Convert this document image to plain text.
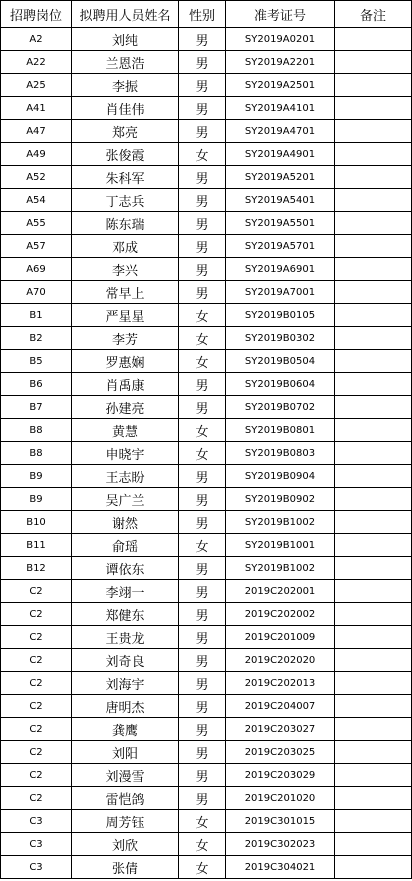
招聘岗位	拟聘用人员姓名	性别	准考证号	备注
A2	刘纯	男	SY2019A0201	
A22	兰恩浩	男	SY2019A2201	
A25	李振	男	SY2019A2501	
A41	肖佳伟	男	SY2019A4101	
A47	郑亮	男	SY2019A4701	
A49	张俊霞	女	SY2019A4901	
A52	朱科军	男	SY2019A5201	
A54	丁志兵	男	SY2019A5401	
A55	陈东瑞	男	SY2019A5501	
A57	邓成	男	SY2019A5701	
A69	李兴	男	SY2019A6901	
A70	常早上	男	SY2019A7001	
B1	严星星	女	SY2019B0105	
B2	李芳	女	SY2019B0302	
B5	罗惠娴	女	SY2019B0504	
B6	肖禹康	男	SY2019B0604	
B7	孙建亮	男	SY2019B0702	
B8	黄慧	女	SY2019B0801	
B8	申晓宇	女	SY2019B0803	
B9	王志盼	男	SY2019B0904	
B9	吴广兰	男	SY2019B0902	
B10	谢然	男	SY2019B1002	
B11	俞瑶	女	SY2019B1001	
B12	谭依东	男	SY2019B1002	
C2	李翊一	男	2019C202001	
C2	郑健东	男	2019C202002	
C2	王贵龙	男	2019C201009	
C2	刘奇良	男	2019C202020	
C2	刘海宇	男	2019C202013	
C2	唐明杰	男	2019C204007	
C2	龚鹰	男	2019C203027	
C2	刘阳	男	2019C203025	
C2	刘漫雪	男	2019C203029	
C2	雷恺鸽	男	2019C201020	
C3	周芳钰	女	2019C301015	
C3	刘欣	女	2019C302023	
C3	张倩	女	2019C304021	
